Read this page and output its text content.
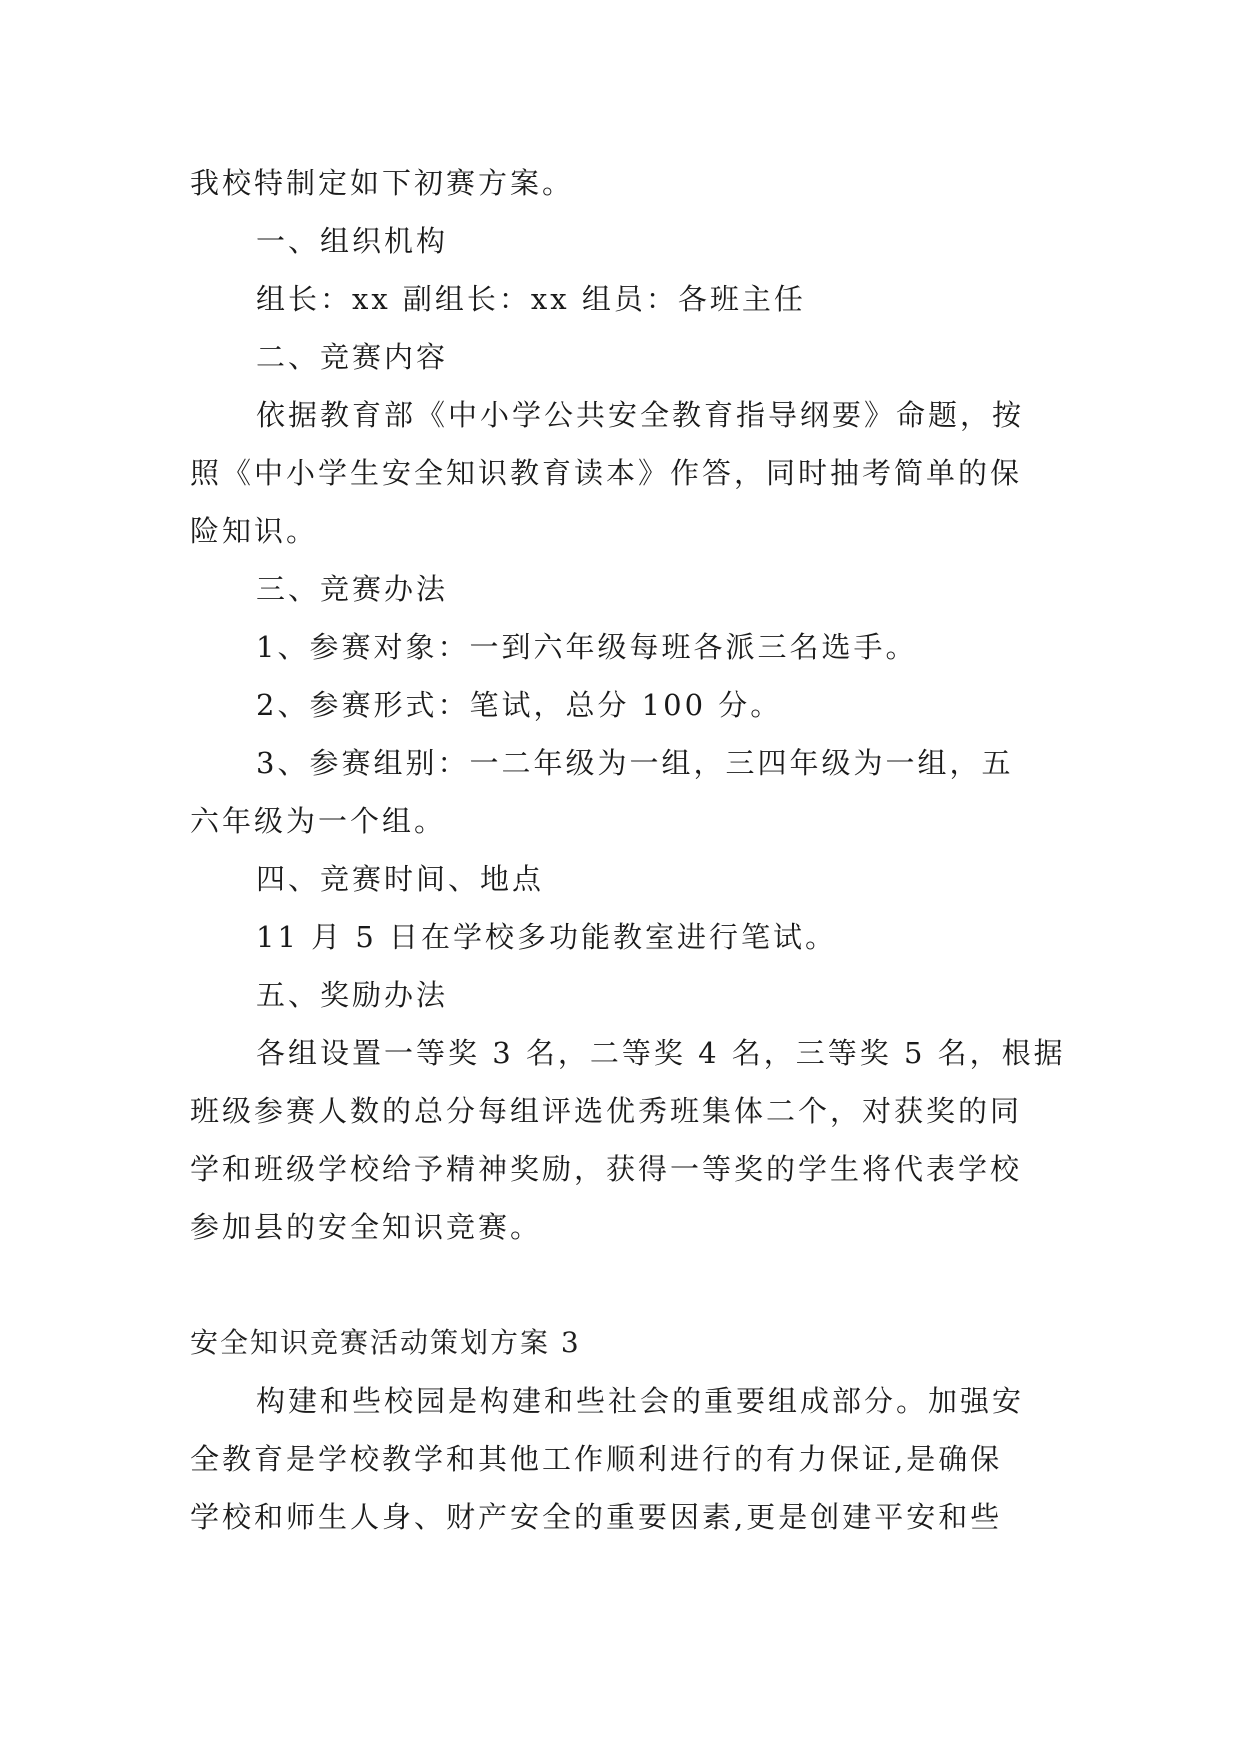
我校特制定如下初赛方案。
一、组织机构
组长：xx 副组长：xx 组员：各班主任
二、竞赛内容
依据教育部《中小学公共安全教育指导纲要》命题，按
照《中小学生安全知识教育读本》作答，同时抽考简单的保
险知识。
三、竞赛办法
1、参赛对象：一到六年级每班各派三名选手。
2、参赛形式：笔试，总分 100 分。
3、参赛组别：一二年级为一组，三四年级为一组，五
六年级为一个组。
四、竞赛时间、地点
11 月 5 日在学校多功能教室进行笔试。
五、奖励办法
各组设置一等奖 3 名，二等奖 4 名，三等奖 5 名，根据
班级参赛人数的总分每组评选优秀班集体二个，对获奖的同
学和班级学校给予精神奖励，获得一等奖的学生将代表学校
参加县的安全知识竞赛。
安全知识竞赛活动策划方案 3
构建和些校园是构建和些社会的重要组成部分。加强安
全教育是学校教学和其他工作顺利进行的有力保证,是确保
学校和师生人身、财产安全的重要因素,更是创建平安和些
